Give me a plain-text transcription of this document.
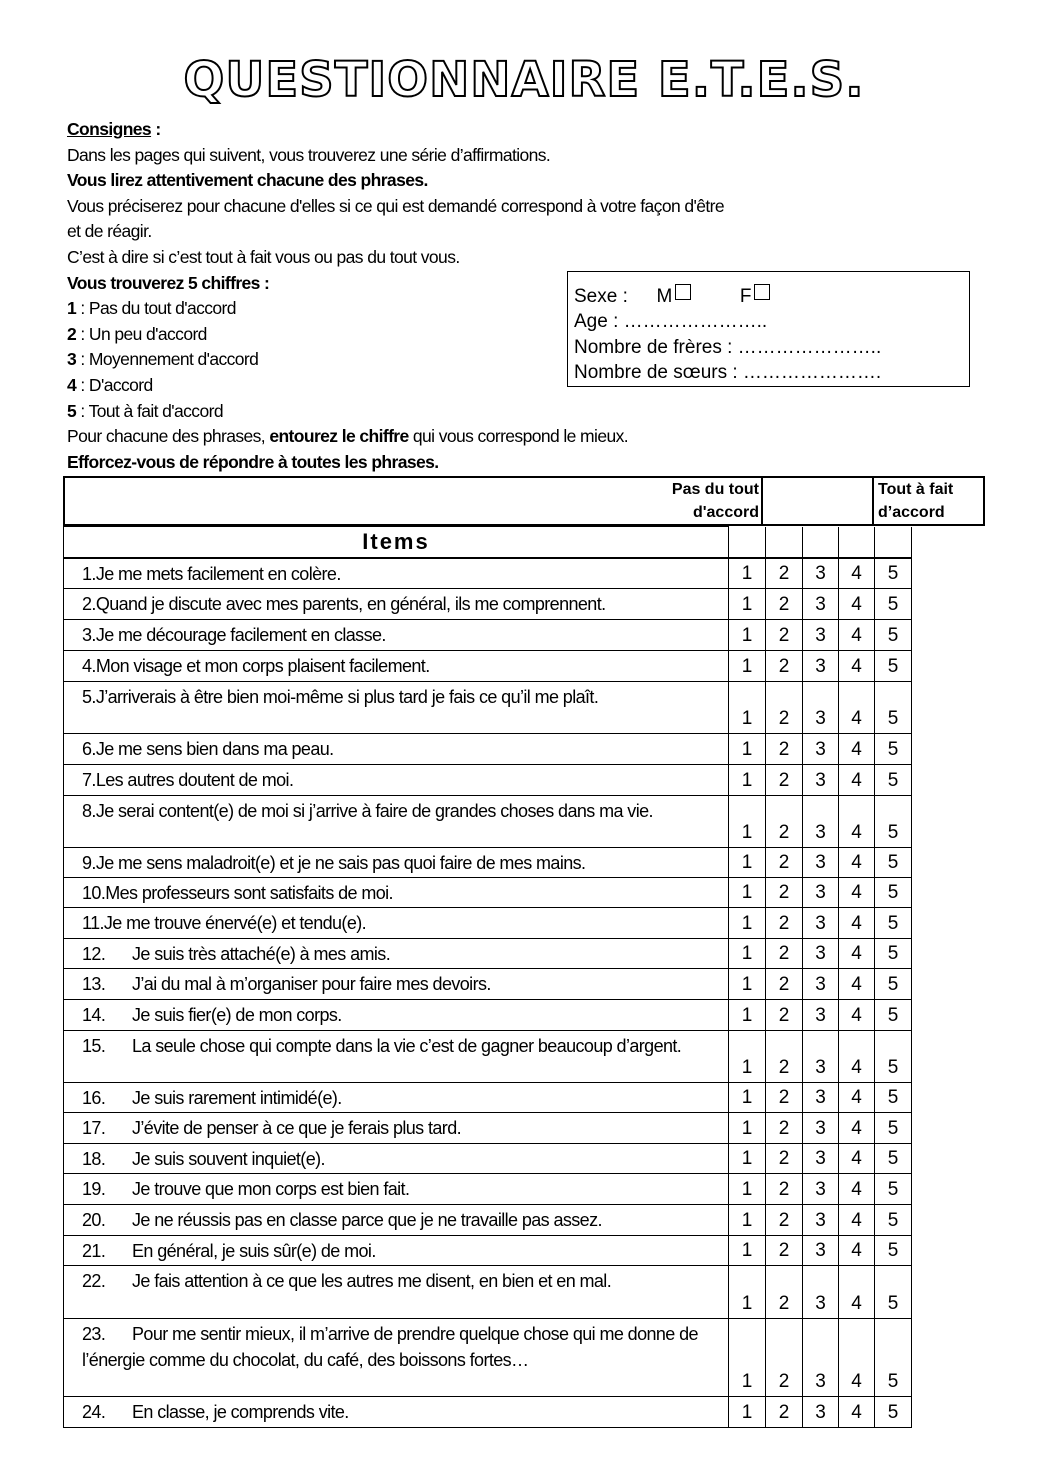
QUESTIONNAIRE E.T.E.S.
Consignes :
Dans les pages qui suivent, vous trouverez une série d’affirmations.
Vous lirez attentivement chacune des phrases.
Vous préciserez pour chacune d'elles si ce qui est demandé correspond à votre façon d'être
et de réagir.
C’est à dire si c’est tout à fait vous ou pas du tout vous.
Vous trouverez 5 chiffres :
1 : Pas du tout d'accord
2 : Un peu d'accord
3 : Moyennement d'accord
4 : D'accord
5 : Tout à fait d'accord
Pour chacune des phrases, entourez le chiffre qui vous correspond le mieux.
Efforcez-vous de répondre à toutes les phrases.
Sexe : M	F
Age : …………………..
Nombre de frères : …………………..
Nombre de sœurs : ………………….
Pas du tout
d'accord
Tout à fait
d’accord
Items					
1.Je me mets facilement en colère.	1	2	3	4	5
2.Quand je discute avec mes parents, en général, ils me comprennent.	1	2	3	4	5
3.Je me décourage facilement en classe.	1	2	3	4	5
4.Mon visage et mon corps plaisent facilement.	1	2	3	4	5
5.J’arriverais à être bien moi-même si plus tard je fais ce qu’il me plaît.	1	2	3	4	5
6.Je me sens bien dans ma peau.	1	2	3	4	5
7.Les autres doutent de moi.	1	2	3	4	5
8.Je serai content(e) de moi si j’arrive à faire de grandes choses dans ma vie.	1	2	3	4	5
9.Je me sens maladroit(e) et je ne sais pas quoi faire de mes mains.	1	2	3	4	5
10.Mes professeurs sont satisfaits de moi.	1	2	3	4	5
11.Je me trouve énervé(e) et tendu(e).	1	2	3	4	5
12. Je suis très attaché(e) à mes amis.	1	2	3	4	5
13. J’ai du mal à m’organiser pour faire mes devoirs.	1	2	3	4	5
14. Je suis fier(e) de mon corps.	1	2	3	4	5
15. La seule chose qui compte dans la vie c’est de gagner beaucoup d’argent.	1	2	3	4	5
16. Je suis rarement intimidé(e).	1	2	3	4	5
17. J’évite de penser à ce que je ferais plus tard.	1	2	3	4	5
18. Je suis souvent inquiet(e).	1	2	3	4	5
19. Je trouve que mon corps est bien fait.	1	2	3	4	5
20. Je ne réussis pas en classe parce que je ne travaille pas assez.	1	2	3	4	5
21. En général, je suis sûr(e) de moi.	1	2	3	4	5
22. Je fais attention à ce que les autres me disent, en bien et en mal.	1	2	3	4	5
23. Pour me sentir mieux, il m’arrive de prendre quelque chose qui me donne de l’énergie comme du chocolat, du café, des boissons fortes…	1	2	3	4	5
24. En classe, je comprends vite.	1	2	3	4	5
